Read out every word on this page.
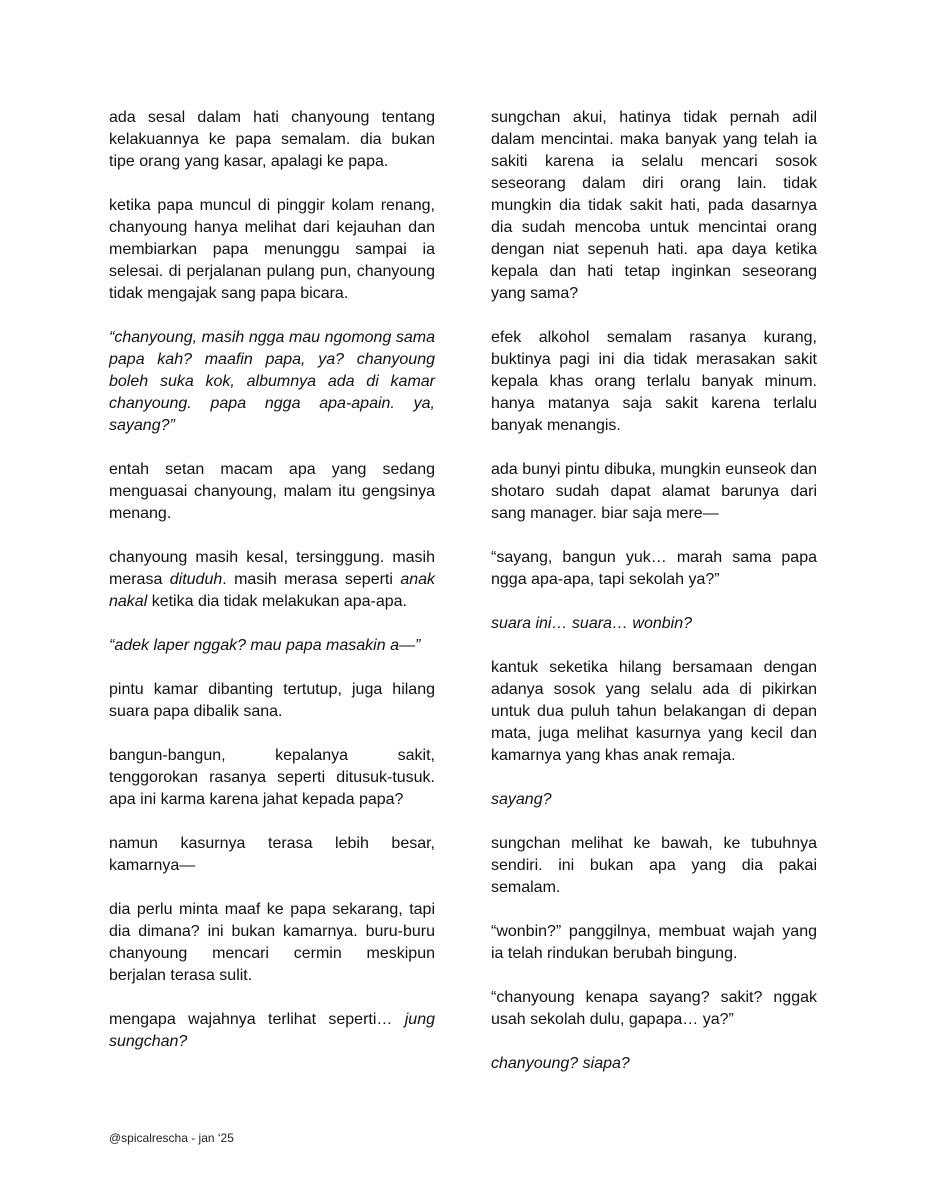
ada sesal dalam hati chanyoung tentang kelakuannya ke papa semalam. dia bukan tipe orang yang kasar, apalagi ke papa.

ketika papa muncul di pinggir kolam renang, chanyoung hanya melihat dari kejauhan dan membiarkan papa menunggu sampai ia selesai. di perjalanan pulang pun, chanyoung tidak mengajak sang papa bicara.

“chanyoung, masih ngga mau ngomong sama papa kah? maafin papa, ya? chanyoung boleh suka kok, albumnya ada di kamar chanyoung. papa ngga apa-apain. ya, sayang?”

entah setan macam apa yang sedang menguasai chanyoung, malam itu gengsinya menang.

chanyoung masih kesal, tersinggung. masih merasa dituduh. masih merasa seperti anak nakal ketika dia tidak melakukan apa-apa.

“adek laper nggak? mau papa masakin a—”

pintu kamar dibanting tertutup, juga hilang suara papa dibalik sana.

bangun-bangun, kepalanya sakit, tenggorokan rasanya seperti ditusuk-tusuk. apa ini karma karena jahat kepada papa?

namun kasurnya terasa lebih besar, kamarnya—

dia perlu minta maaf ke papa sekarang, tapi dia dimana? ini bukan kamarnya. buru-buru chanyoung mencari cermin meskipun berjalan terasa sulit.

mengapa wajahnya terlihat seperti… jung sungchan?

sungchan akui, hatinya tidak pernah adil dalam mencintai. maka banyak yang telah ia sakiti karena ia selalu mencari sosok seseorang dalam diri orang lain. tidak mungkin dia tidak sakit hati, pada dasarnya dia sudah mencoba untuk mencintai orang dengan niat sepenuh hati. apa daya ketika kepala dan hati tetap inginkan seseorang yang sama?

efek alkohol semalam rasanya kurang, buktinya pagi ini dia tidak merasakan sakit kepala khas orang terlalu banyak minum. hanya matanya saja sakit karena terlalu banyak menangis.

ada bunyi pintu dibuka, mungkin eunseok dan shotaro sudah dapat alamat barunya dari sang manager. biar saja mere—

“sayang, bangun yuk… marah sama papa ngga apa-apa, tapi sekolah ya?”

suara ini… suara… wonbin?

kantuk seketika hilang bersamaan dengan adanya sosok yang selalu ada di pikirkan untuk dua puluh tahun belakangan di depan mata, juga melihat kasurnya yang kecil dan kamarnya yang khas anak remaja.

sayang?

sungchan melihat ke bawah, ke tubuhnya sendiri. ini bukan apa yang dia pakai semalam.

“wonbin?” panggilnya, membuat wajah yang ia telah rindukan berubah bingung.

“chanyoung kenapa sayang? sakit? nggak usah sekolah dulu, gapapa… ya?”

chanyoung? siapa?

@spicalrescha - jan ‘25
